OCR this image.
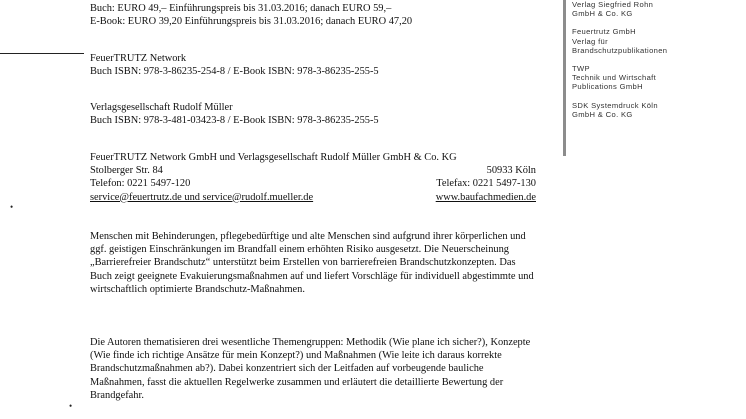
Buch: EURO 49,– Einführungspreis bis 31.03.2016; danach EURO 59,–

E-Book: EURO 39,20 Einführungspreis bis 31.03.2016; danach EURO 47,20

FeuerTRUTZ Network

Buch ISBN: 978-3-86235-254-8 / E-Book ISBN: 978-3-86235-255-5

Verlagsgesellschaft Rudolf Müller

Buch ISBN: 978-3-481-03423-8 / E-Book ISBN: 978-3-86235-255-5

FeuerTRUTZ Network GmbH und Verlagsgesellschaft Rudolf Müller GmbH & Co. KG
Stolberger Str. 84	50933 Köln
Telefon: 0221 5497-120	Telefax: 0221 5497-130
service@feuertrutz.de und service@rudolf.mueller.de	www.baufachmedien.de
•
Menschen mit Behinderungen, pflegebedürftige und alte Menschen sind aufgrund ihrer körperlichen und ggf. geistigen Einschränkungen im Brandfall einem erhöhten Risiko ausgesetzt. Die Neuerscheinung „Barrierefreier Brandschutz“ unterstützt beim Erstellen von barrierefreien Brandschutzkonzepten. Das Buch zeigt geeignete Evakuierungsmaßnahmen auf und liefert Vorschläge für individuell abgestimmte und wirtschaftlich optimierte Brandschutz-Maßnahmen.
Die Autoren thematisieren drei wesentliche Themengruppen: Methodik (Wie plane ich sicher?), Konzepte (Wie finde ich richtige Ansätze für mein Konzept?) und Maßnahmen (Wie leite ich daraus korrekte Brandschutzmaßnahmen ab?). Dabei konzentriert sich der Leitfaden auf vorbeugende bauliche Maßnahmen, fasst die aktuellen Regelwerke zusammen und erläutert die detaillierte Bewertung der Brandgefahr.
•
Verlag Siegfried Rohn
GmbH & Co. KG
Feuertrutz GmbH
Verlag für
Brandschutzpublikationen
TWP
Technik und Wirtschaft
Publications GmbH
SDK Systemdruck Köln
GmbH & Co. KG
